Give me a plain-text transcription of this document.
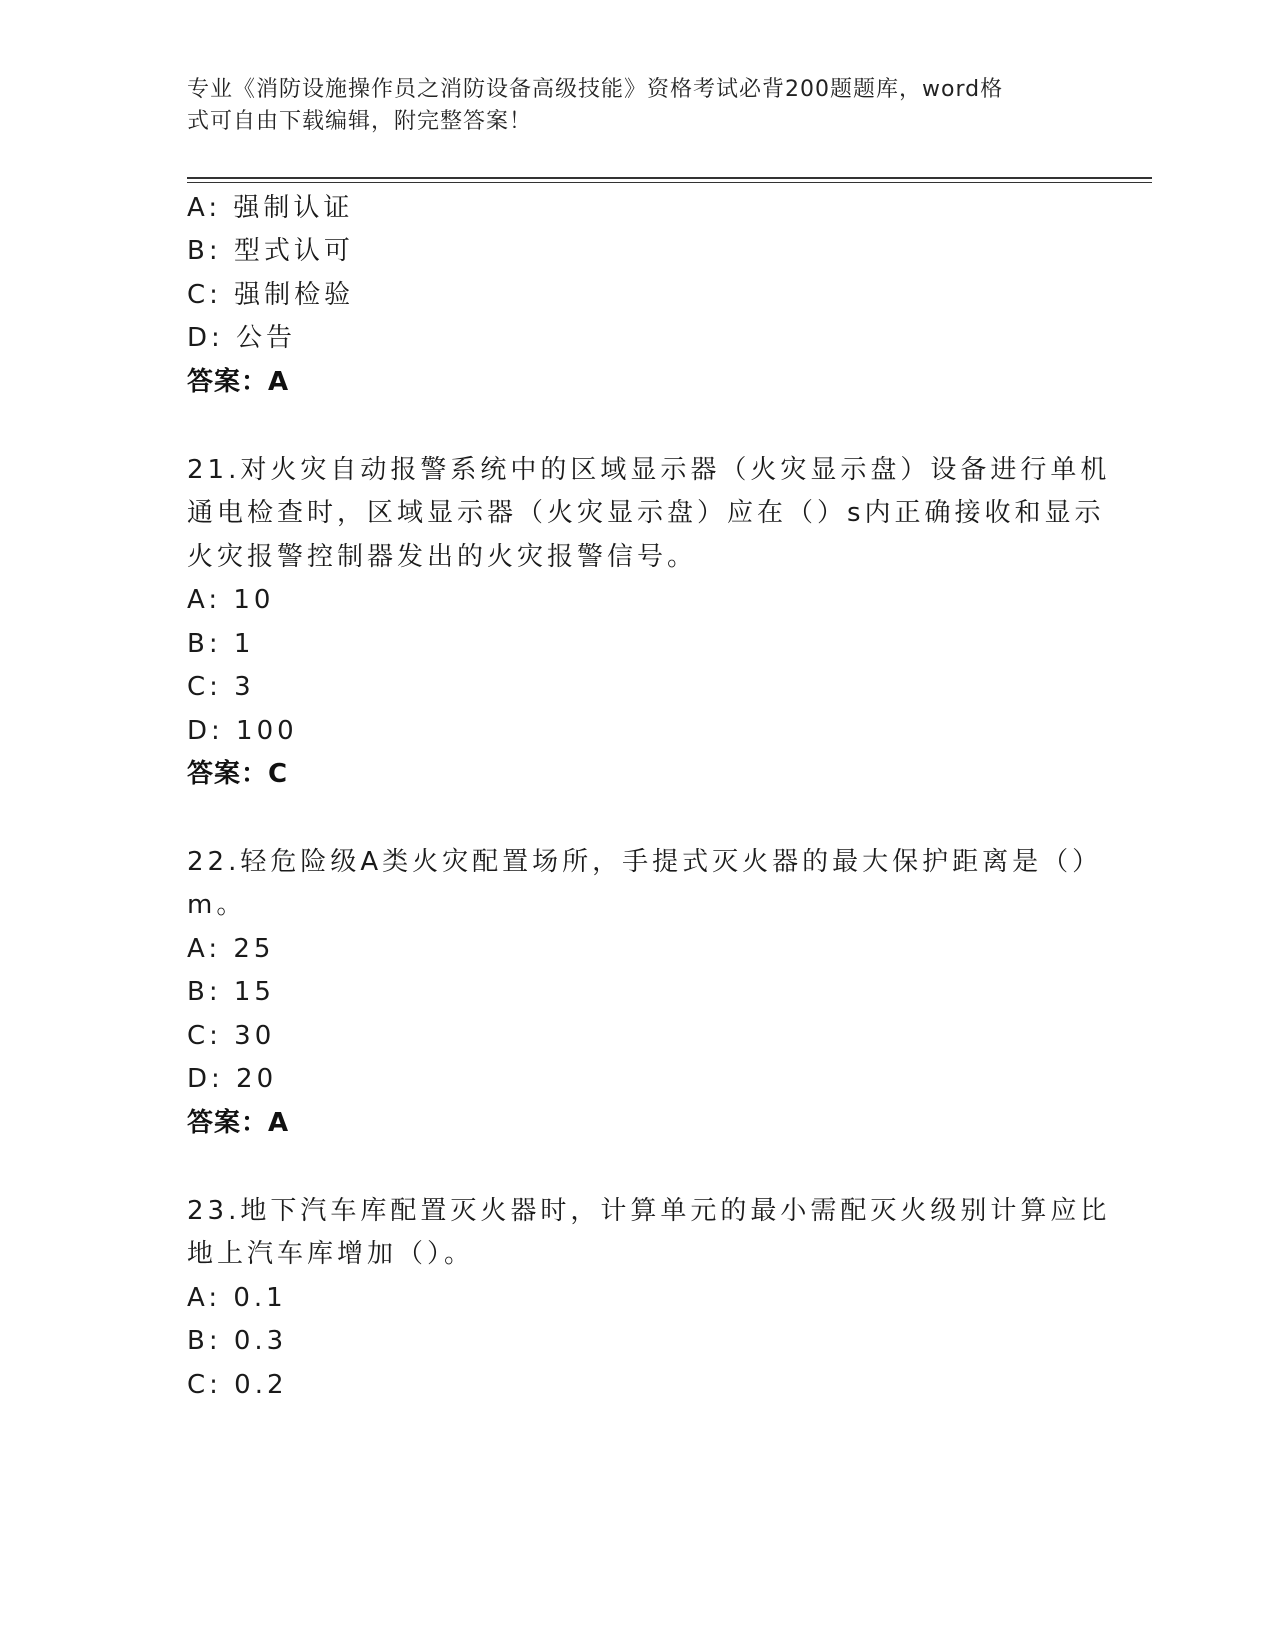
专业《消防设施操作员之消防设备高级技能》资格考试必背200题题库，word格
式可自由下载编辑，附完整答案！
A: 强制认证
B: 型式认可
C: 强制检验
D: 公告
答案：A
21.对火灾自动报警系统中的区域显示器（火灾显示盘）设备进行单机
通电检查时，区域显示器（火灾显示盘）应在（）s内正确接收和显示
火灾报警控制器发出的火灾报警信号。
A: 10
B: 1
C: 3
D: 100
答案：C
22.轻危险级A类火灾配置场所，手提式灭火器的最大保护距离是（）
m。
A: 25
B: 15
C: 30
D: 20
答案：A
23.地下汽车库配置灭火器时，计算单元的最小需配灭火级别计算应比
地上汽车库增加（）。
A: 0.1
B: 0.3
C: 0.2
